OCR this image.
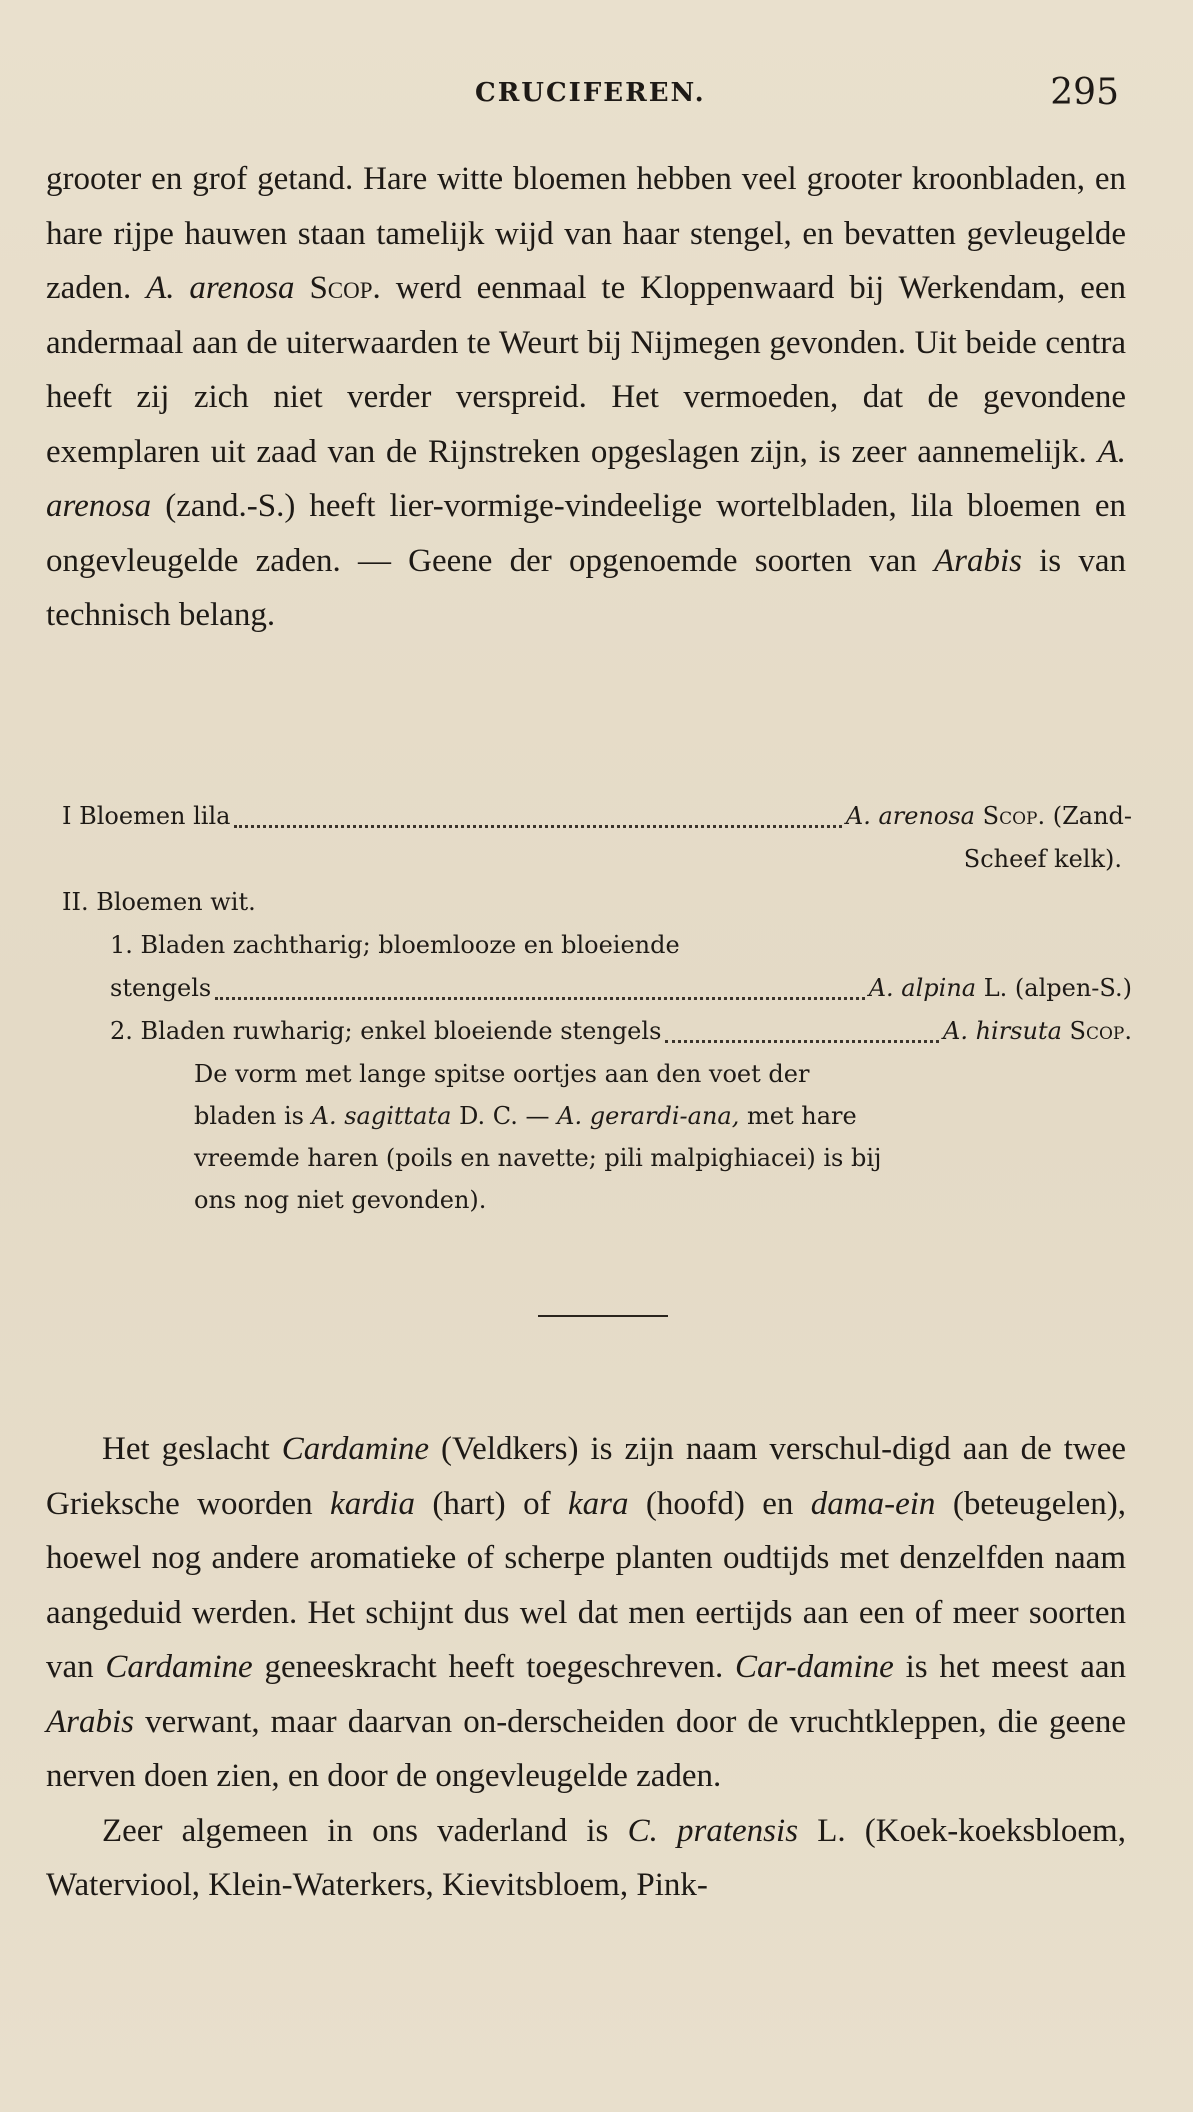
CRUCIFEREN.	295

grooter en grof getand. Hare witte bloemen hebben veel grooter kroonbladen, en hare rijpe hauwen staan tamelijk wijd van haar stengel, en bevatten gevleugelde zaden. A. arenosa Scop. werd eenmaal te Kloppenwaard bij Werkendam, een andermaal aan de uiterwaarden te Weurt bij Nijmegen gevonden. Uit beide centra heeft zij zich niet verder verspreid. Het vermoeden, dat de gevondene exemplaren uit zaad van de Rijnstreken opgeslagen zijn, is zeer aannemelijk. A. arenosa (zand.-S.) heeft lier-vormige-vindeelige wortelbladen, lila bloemen en ongevleugelde zaden. — Geene der opgenoemde soorten van Arabis is van technisch belang.

I Bloemen lila	A. arenosa Scop. (Zand-
Scheef kelk).
II. Bloemen wit.
1. Bladen zachtharig; bloemlooze en bloeiende
stengels	A. alpina L. (alpen-S.)
2. Bladen ruwharig; enkel bloeiende stengels	A. hirsuta Scop.
De vorm met lange spitse oortjes aan den voet der bladen is A. sagittata D. C. — A. gerardi-ana, met hare vreemde haren (poils en navette; pili malpighiacei) is bij ons nog niet gevonden).

Het geslacht Cardamine (Veldkers) is zijn naam verschul-digd aan de twee Grieksche woorden kardia (hart) of kara (hoofd) en dama-ein (beteugelen), hoewel nog andere aromatieke of scherpe planten oudtijds met denzelfden naam aangeduid werden. Het schijnt dus wel dat men eertijds aan een of meer soorten van Cardamine geneeskracht heeft toegeschreven. Car-damine is het meest aan Arabis verwant, maar daarvan on-derscheiden door de vruchtkleppen, die geene nerven doen zien, en door de ongevleugelde zaden.

Zeer algemeen in ons vaderland is C. pratensis L. (Koek-koeksbloem, Waterviool, Klein-Waterkers, Kievitsbloem, Pink-
